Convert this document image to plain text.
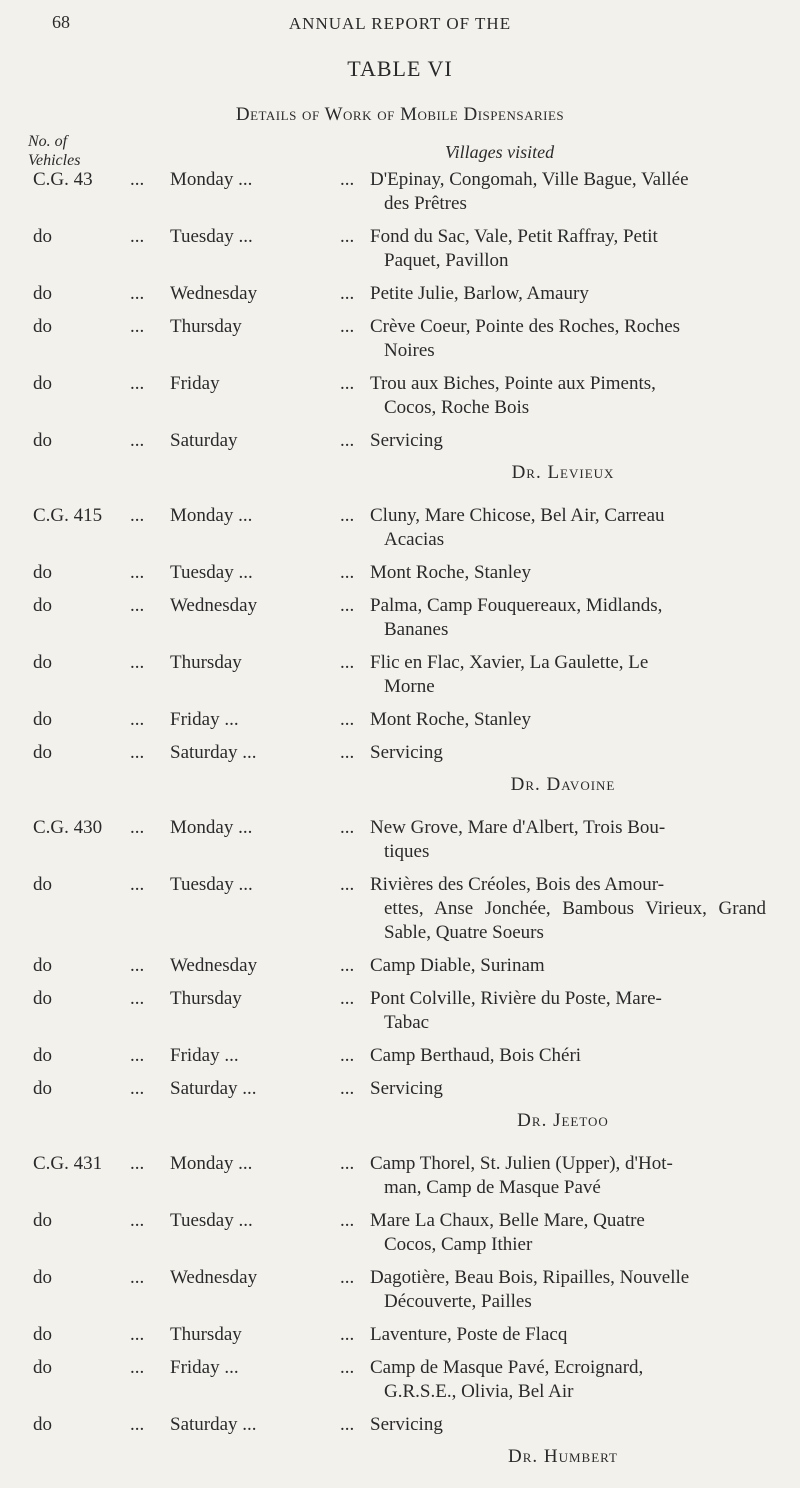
68	ANNUAL REPORT OF THE
TABLE VI
Details of Work of Mobile Dispensaries
No. of
Vehicles	Villages visited
C.G. 43	...	Monday ...	... D'Epinay, Congomah, Ville Bague, Vallée
des Prêtres
do	...	Tuesday ...	... Fond du Sac, Vale, Petit Raffray, Petit
Paquet, Pavillon
do	...	Wednesday	... Petite Julie, Barlow, Amaury
do	...	Thursday	... Crève Coeur, Pointe des Roches, Roches
Noires
do	...	Friday	... Trou aux Biches, Pointe aux Piments,
Cocos, Roche Bois
do	...	Saturday	... Servicing
Dr. Levieux
C.G. 415	...	Monday ...	... Cluny, Mare Chicose, Bel Air, Carreau
Acacias
do	...	Tuesday ...	... Mont Roche, Stanley
do	...	Wednesday	... Palma, Camp Fouquereaux, Midlands,
Bananes
do	...	Thursday	... Flic en Flac, Xavier, La Gaulette, Le
Morne
do	...	Friday ...	... Mont Roche, Stanley
do	...	Saturday ...	... Servicing
Dr. Davoine
C.G. 430	...	Monday ...	... New Grove, Mare d'Albert, Trois Bou-
tiques
do	...	Tuesday ...	... Rivières des Créoles, Bois des Amour-
ettes, Anse Jonchée, Bambous Virieux, Grand Sable, Quatre Soeurs
do	...	Wednesday	... Camp Diable, Surinam
do	...	Thursday	... Pont Colville, Rivière du Poste, Mare-
Tabac
do	...	Friday ...	... Camp Berthaud, Bois Chéri
do	...	Saturday ...	... Servicing
Dr. Jeetoo
C.G. 431	...	Monday ...	... Camp Thorel, St. Julien (Upper), d'Hot-
man, Camp de Masque Pavé
do	...	Tuesday ...	... Mare La Chaux, Belle Mare, Quatre
Cocos, Camp Ithier
do	...	Wednesday	... Dagotière, Beau Bois, Ripailles, Nouvelle
Découverte, Pailles
do	...	Thursday	... Laventure, Poste de Flacq
do	...	Friday ...	... Camp de Masque Pavé, Ecroignard,
G.R.S.E., Olivia, Bel Air
do	...	Saturday ...	... Servicing
Dr. Humbert
